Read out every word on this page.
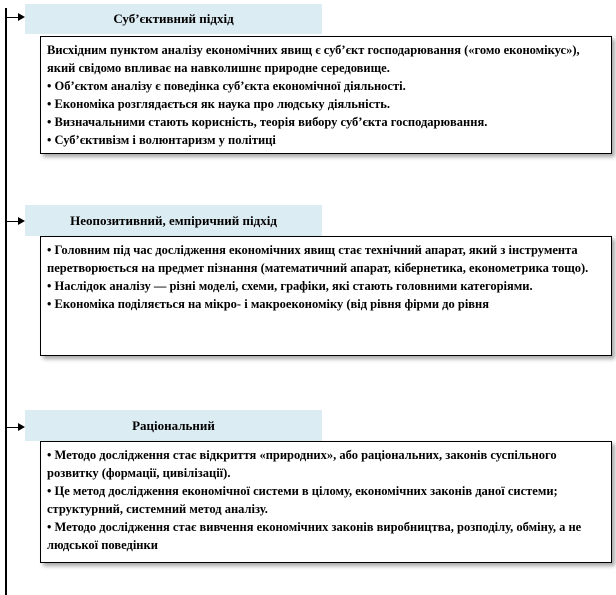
Суб’єктивний підхід

Висхідним пунктом аналізу економічних явищ є суб’єкт господарювання («гомо економікус»), який свідомо впливає на навколишнє природне середовище.

• Об’єктом аналізу є поведінка суб’єкта економічної діяльності.

• Економіка розглядається як наука про людську діяльність.

• Визначальними стають корисність, теорія вибору суб’єкта господарювання.

• Суб’єктивізм і волюнтаризм у політиці

Неопозитивний, емпіричний підхід

• Головним під час дослідження економічних явищ стає технічний апарат, який з інструмента перетворюється на предмет пізнання (математичний апарат, кібернетика, економетрика тощо).

• Наслідок аналізу — різні моделі, схеми, графіки, які стають головними категоріями.

• Економіка поділяється на мікро- і макроекономіку (від рівня фірми до рівня

Раціональний

• Методо дослідження стає відкриття «природних», або раціональних, законів суспільного розвитку (формації, цивілізації).

• Це метод дослідження економічної системи в цілому, економічних законів даної системи; структурний, системний метод аналізу.

• Методо дослідження стає вивчення економічних законів виробництва, розподілу, обміну, а не людської поведінки
